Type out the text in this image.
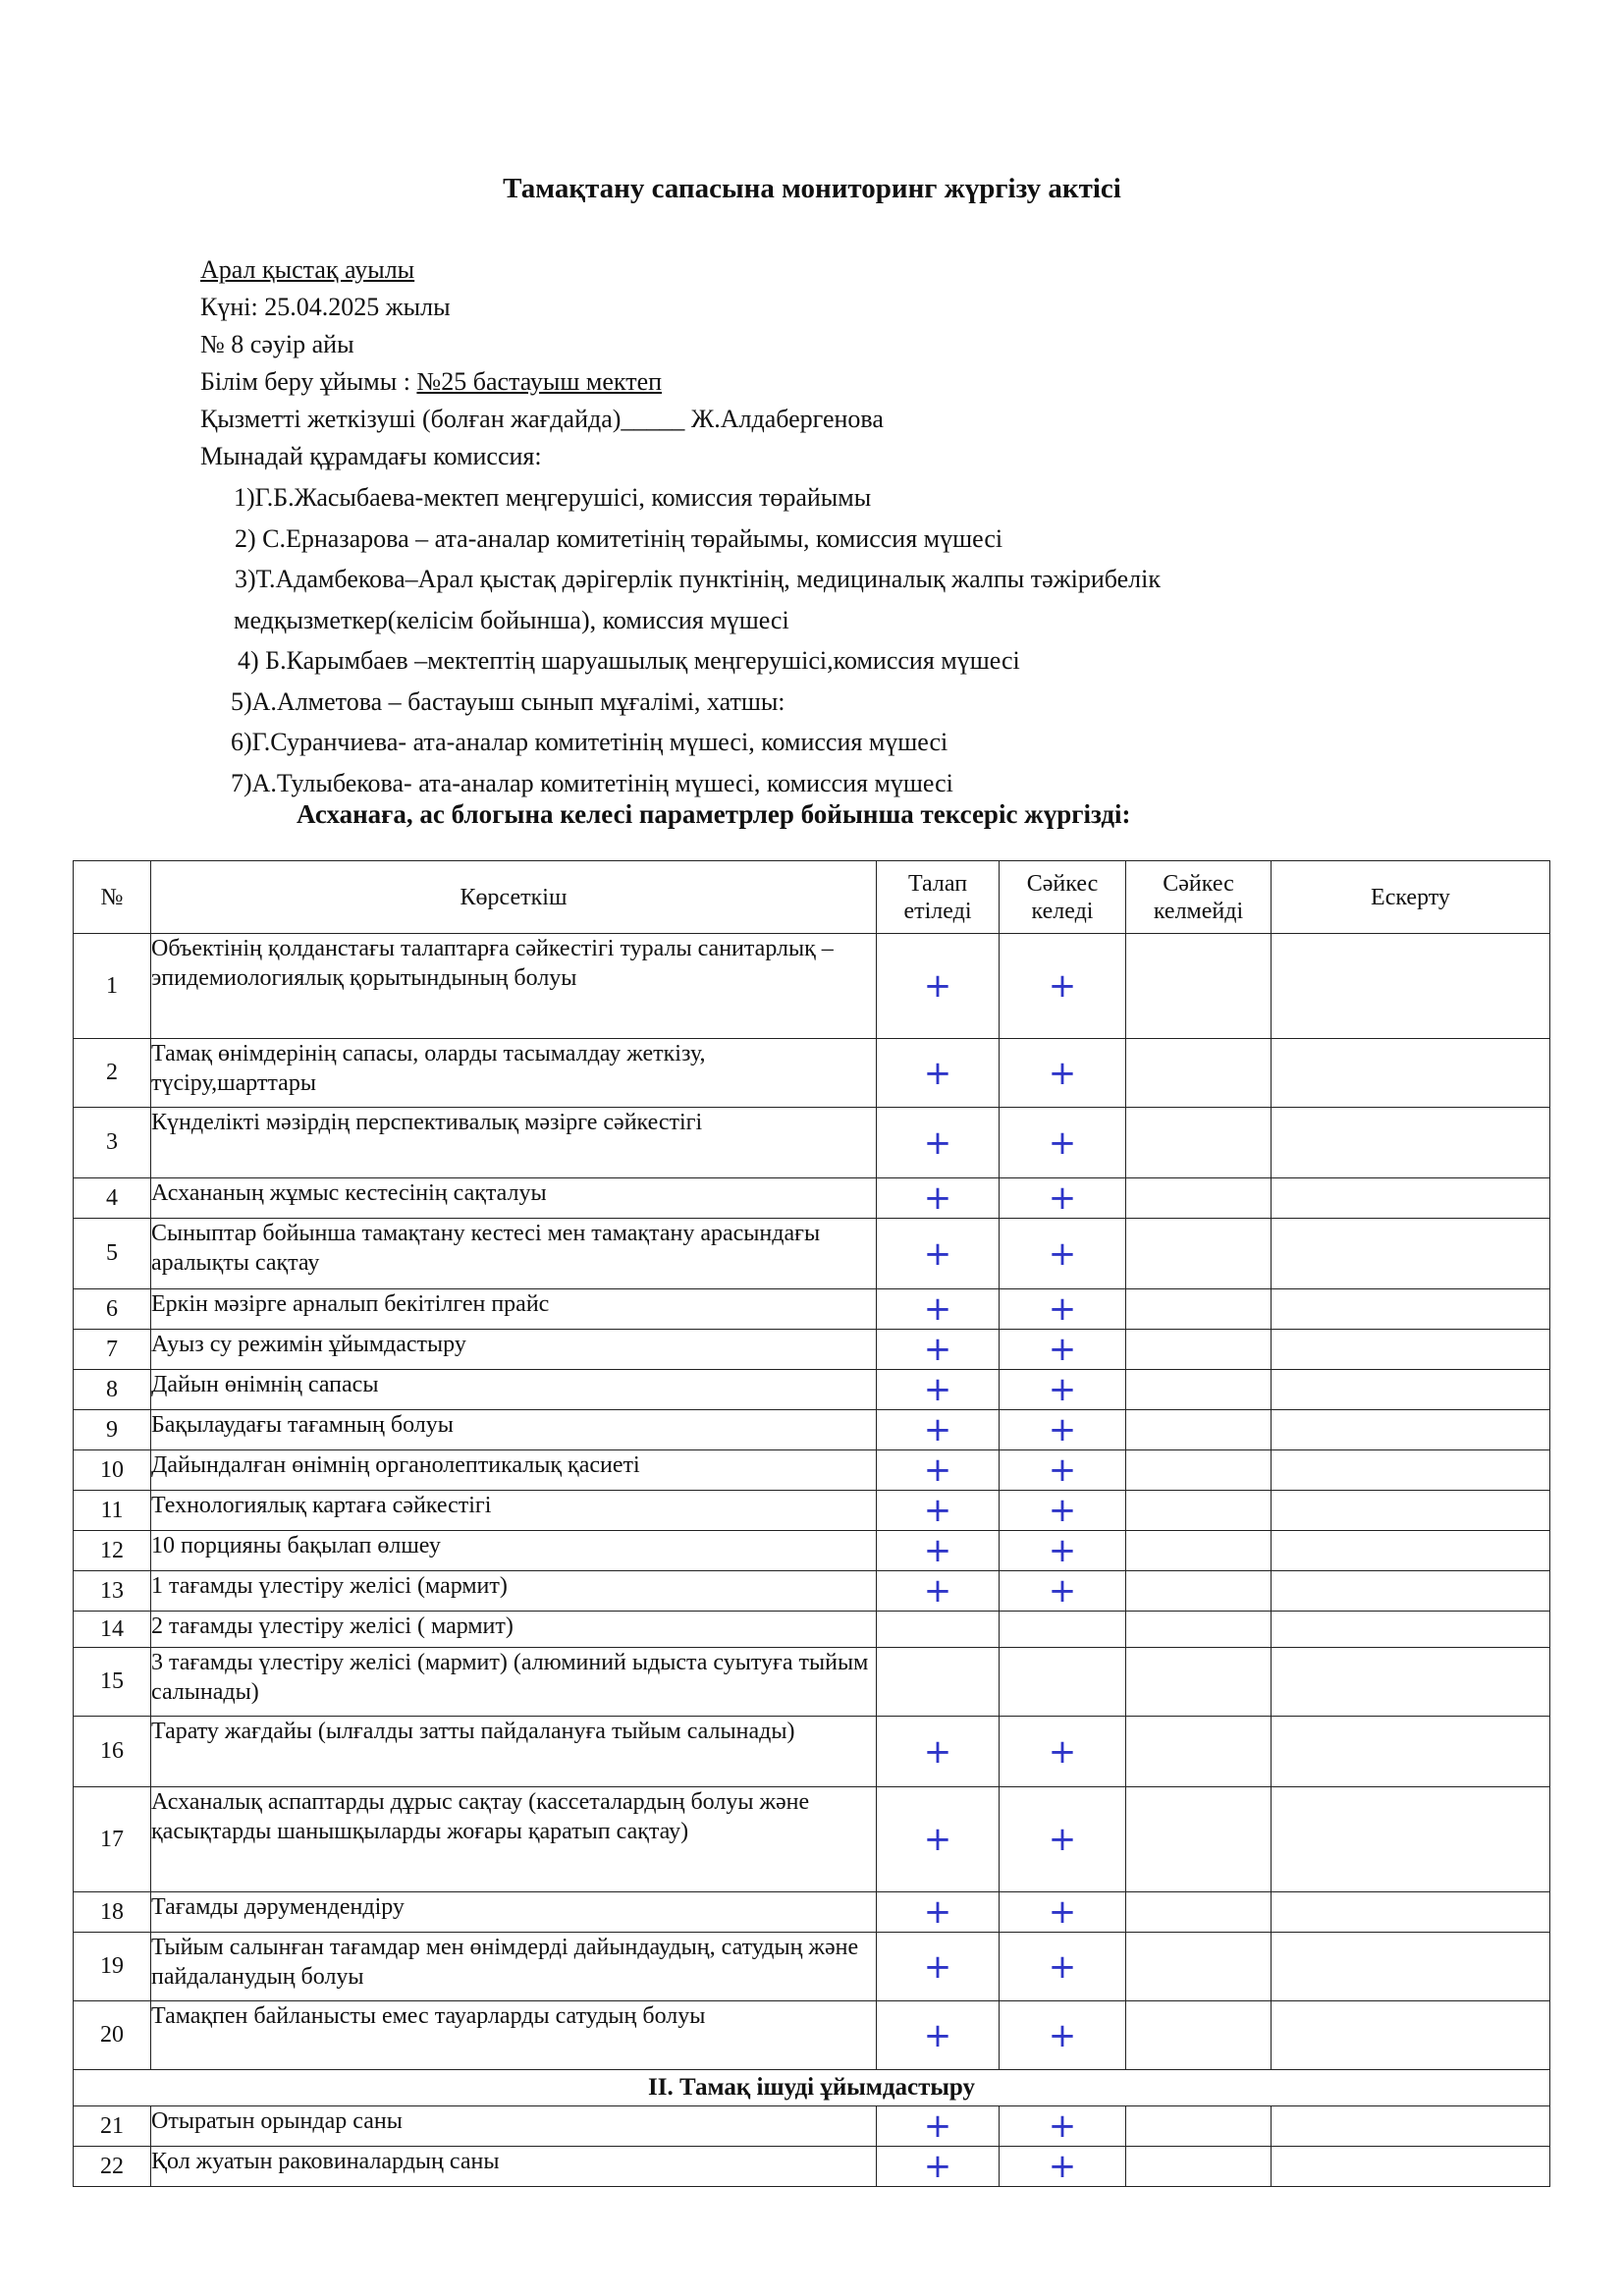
Тамақтану сапасына мониторинг жүргізу актісі
Арал қыстақ ауылы
Күні: 25.04.2025 жылы
№ 8 сәуір айы
Білім беру ұйымы : №25 бастауыш мектеп
Қызметті жеткізуші (болған жағдайда)_____ Ж.Алдабергенова
Мынадай құрамдағы комиссия:
1)Г.Б.Жасыбаева-мектеп меңгерушісі, комиссия төрайымы
2) С.Ерназарова – ата-аналар комитетінің төрайымы, комиссия мүшесі
3)Т.Адамбекова–Арал қыстақ дәрігерлік пунктінің, медициналық жалпы тәжірибелік
медқызметкер(келісім бойынша), комиссия мүшесі
4) Б.Карымбаев –мектептің шаруашылық меңгерушісі,комиссия мүшесі
5)А.Алметова – бастауыш сынып мұғалімі, хатшы:
6)Г.Суранчиева- ата-аналар комитетінің мүшесі, комиссия мүшесі
7)А.Тулыбекова- ата-аналар комитетінің мүшесі, комиссия мүшесі
Асханаға, ас блогына келесі параметрлер бойынша тексеріс жүргізді:
№	Көрсеткіш	Талап етіледі	Сәйкес келеді	Сәйкес келмейді	Ескерту
1	Объектінің қолданстағы талаптарға сәйкестігі туралы санитарлық – эпидемиологиялық қорытындының болуы	+	+		
2	Тамақ өнімдерінің сапасы, оларды тасымалдау жеткізу, түсіру,шарттары	+	+		
3	Күнделікті мәзірдің перспективалық мәзірге сәйкестігі	+	+		
4	Асхананың жұмыс кестесінің сақталуы	+	+		
5	Сыныптар бойынша тамақтану кестесі мен тамақтану арасындағы аралықты сақтау	+	+		
6	Еркін мәзірге арналып бекітілген прайс	+	+		
7	Ауыз су режимін ұйымдастыру	+	+		
8	Дайын өнімнің сапасы	+	+		
9	Бақылаудағы тағамның болуы	+	+		
10	Дайындалған өнімнің органолептикалық қасиеті	+	+		
11	Технологиялық картаға сәйкестігі	+	+		
12	10 порцияны бақылап өлшеу	+	+		
13	1 тағамды үлестіру желісі (мармит)	+	+		
14	2 тағамды үлестіру желісі ( мармит)				
15	3 тағамды үлестіру желісі (мармит) (алюминий ыдыста суытуға тыйым салынады)				
16	Тарату жағдайы (ылғалды затты пайдалануға тыйым салынады)	+	+		
17	Асханалық аспаптарды дұрыс сақтау (кассеталардың болуы және қасықтарды шанышқыларды жоғары қаратып сақтау)	+	+		
18	Тағамды дәрумендендіру	+	+		
19	Тыйым салынған тағамдар мен өнімдерді дайындаудың, сатудың және пайдаланудың болуы	+	+		
20	Тамақпен байланысты емес тауарларды сатудың болуы	+	+		
II. Тамақ ішуді ұйымдастыру					
21	Отыратын орындар саны	+	+		
22	Қол жуатын раковиналардың саны	+	+		
